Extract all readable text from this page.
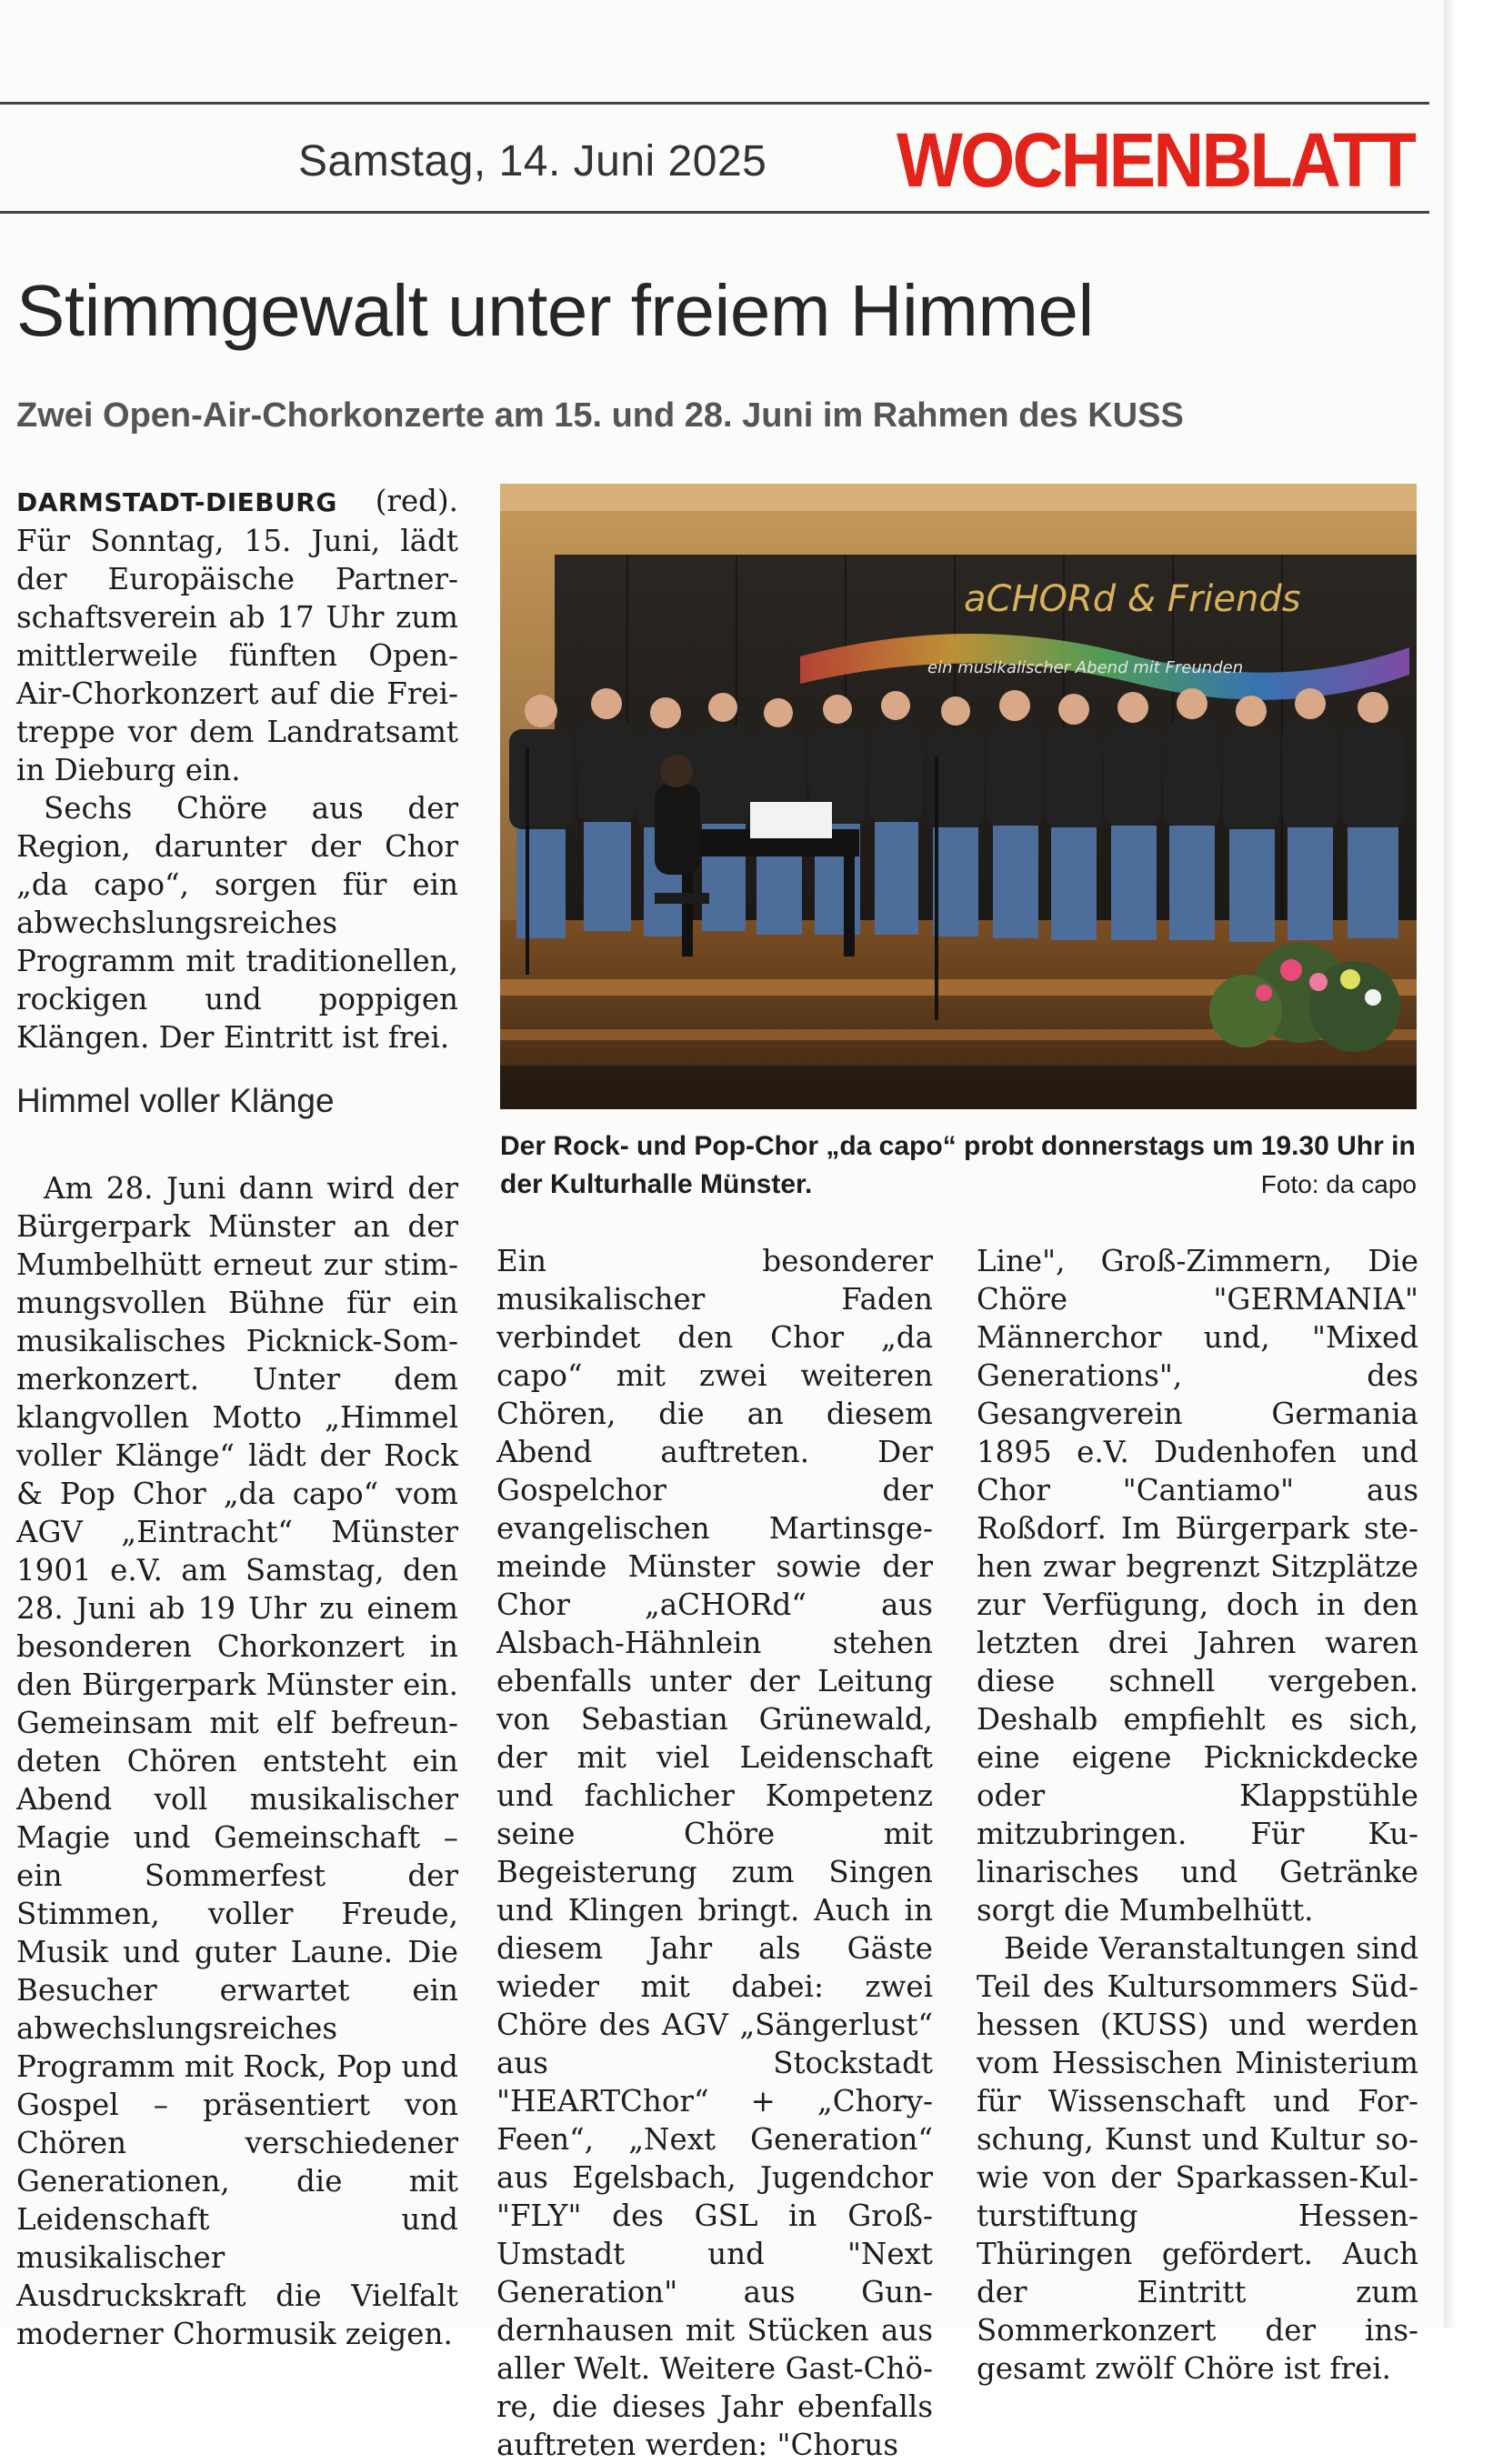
Samstag, 14. Juni 2025 WOCHENBLATT
Stimmgewalt unter freiem Himmel
Zwei Open-Air-Chorkonzerte am 15. und 28. Juni im Rahmen des KUSS

DARMSTADT-DIEBURG (red). Für Sonntag, 15. Juni, lädt der Europäische Partnerschaftsverein ab 17 Uhr zum mittlerweile fünften Open-Air-Chorkonzert auf die Freitreppe vor dem Landratsamt in Dieburg ein.

Sechs Chöre aus der Region, darunter der Chor „da capo“, sorgen für ein abwechslungsreiches Programm mit traditionellen, rockigen und poppigen Klängen. Der Eintritt ist frei.

Himmel voller Klänge

Am 28. Juni dann wird der Bürgerpark Münster an der Mumbelhütt erneut zur stimmungsvollen Bühne für ein musikalisches Picknick-Sommerkonzert. Unter dem klangvollen Motto „Himmel voller Klänge“ lädt der Rock & Pop Chor „da capo“ vom AGV „Eintracht“ Münster 1901 e.V. am Samstag, den 28. Juni ab 19 Uhr zu einem besonderen Chorkonzert in den Bürgerpark Münster ein. Gemeinsam mit elf befreundeten Chören entsteht ein Abend voll musikalischer Magie und Gemeinschaft – ein Sommerfest der Stimmen, voller Freude, Musik und guter Laune. Die Besucher erwartet ein abwechslungsreiches Programm mit Rock, Pop und Gospel – präsentiert von Chören verschiedener Generationen, die mit Leidenschaft und musikalischer Ausdruckskraft die Vielfalt moderner Chormusik zeigen.

aCHORd & Friends
ein musikalischer Abend mit Freunden
Der Rock- und Pop-Chor „da capo“ probt donnerstags um 19.30 Uhr in der Kulturhalle Münster.	Foto: da capo

Ein besonderer musikalischer Faden verbindet den Chor „da capo“ mit zwei weiteren Chören, die an diesem Abend auftreten. Der Gospelchor der evangelischen Martinsgemeinde Münster sowie der Chor „aCHORd“ aus Alsbach-Hähnlein stehen ebenfalls unter der Leitung von Sebastian Grünewald, der mit viel Leidenschaft und fachlicher Kompetenz seine Chöre mit Begeisterung zum Singen und Klingen bringt. Auch in diesem Jahr als Gäste wieder mit dabei: zwei Chöre des AGV „Sängerlust“ aus Stockstadt "HEARTChor“ + „Chory-Feen“, „Next Generation“ aus Egelsbach, Jugendchor "FLY" des GSL in Groß-Umstadt und "Next Generation" aus Gundernhausen mit Stücken aus aller Welt. Weitere Gast-Chöre, die dieses Jahr ebenfalls auftreten werden: "Chorus

Line", Groß-Zimmern, Die Chöre "GERMANIA" Männerchor und, "Mixed Generations", des Gesangverein Germania 1895 e.V. Dudenhofen und Chor "Cantiamo" aus Roßdorf. Im Bürgerpark stehen zwar begrenzt Sitzplätze zur Verfügung, doch in den letzten drei Jahren waren diese schnell vergeben. Deshalb empfiehlt es sich, eine eigene Picknickdecke oder Klappstühle mitzubringen. Für Kulinarisches und Getränke sorgt die Mumbelhütt.

Beide Veranstaltungen sind Teil des Kultursommers Südhessen (KUSS) und werden vom Hessischen Ministerium für Wissenschaft und Forschung, Kunst und Kultur sowie von der Sparkassen-Kulturstiftung Hessen-Thüringen gefördert. Auch der Eintritt zum Sommerkonzert der insgesamt zwölf Chöre ist frei.
